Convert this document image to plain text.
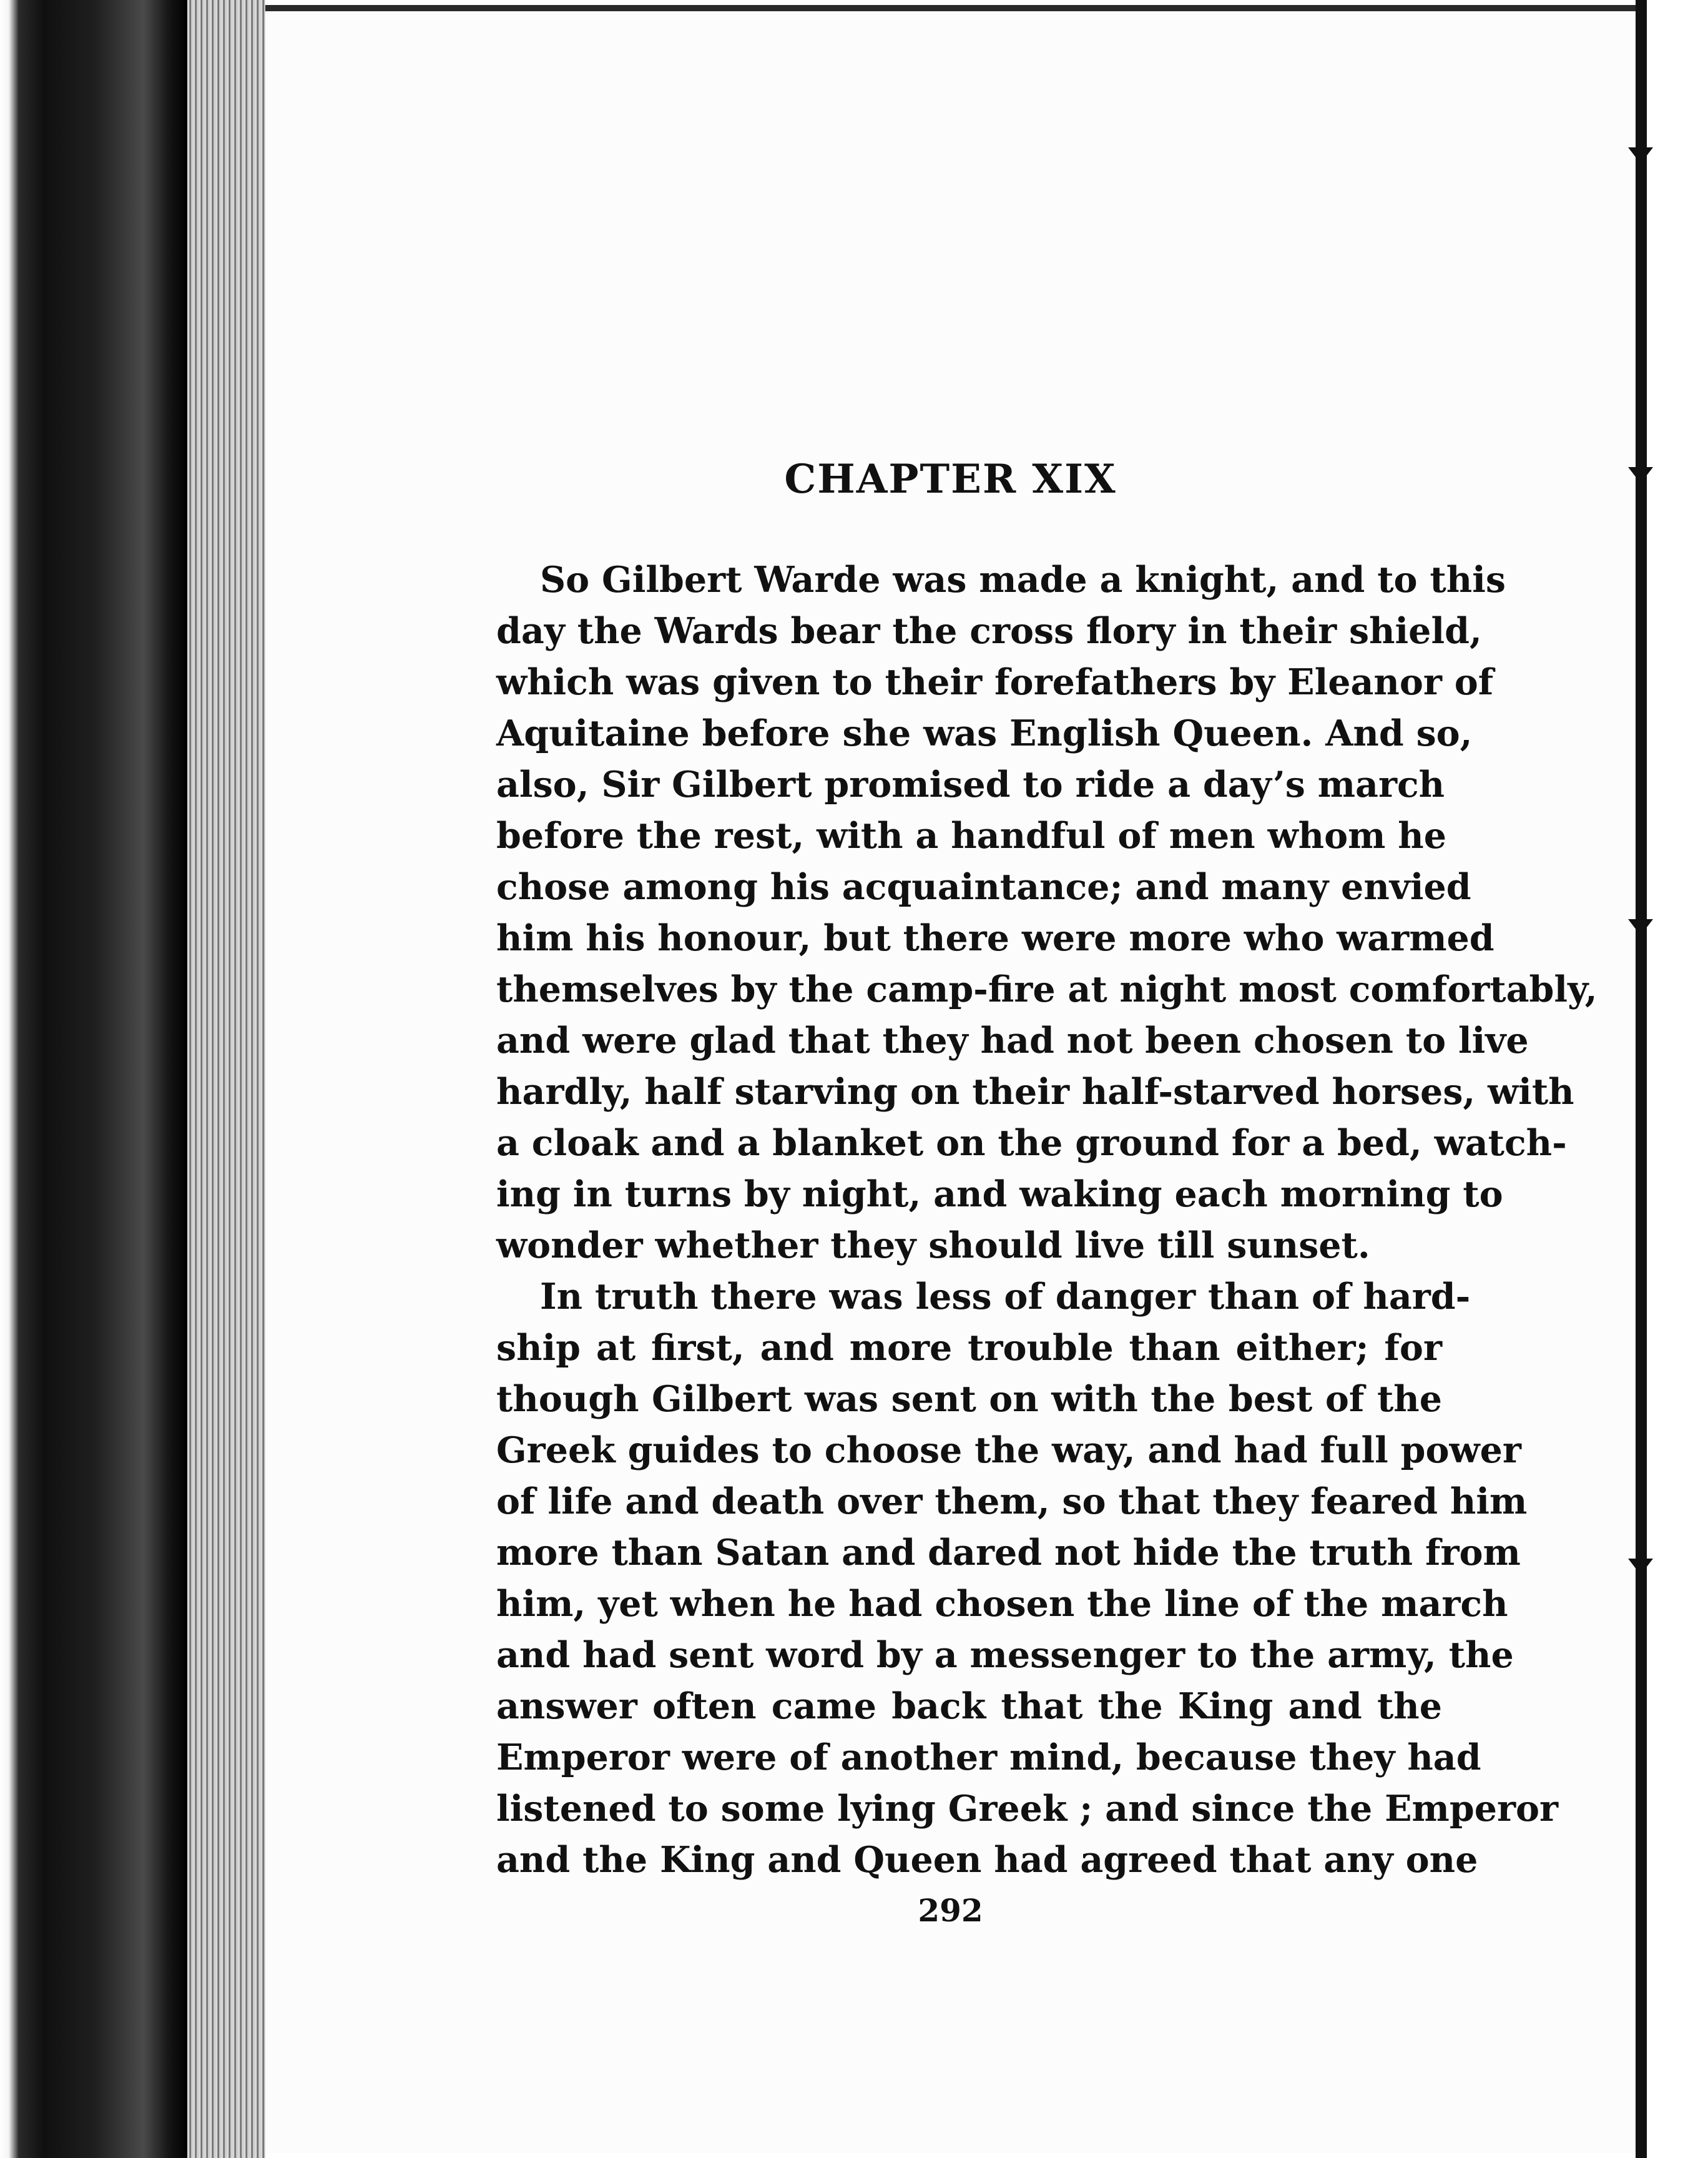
CHAPTER XIX

So Gilbert Warde was made a knight, and to this
day the Wards bear the cross flory in their shield,
which was given to their forefathers by Eleanor of
Aquitaine before she was English Queen. And so,
also, Sir Gilbert promised to ride a day’s march
before the rest, with a handful of men whom he
chose among his acquaintance; and many envied
him his honour, but there were more who warmed
themselves by the camp-fire at night most comfortably,
and were glad that they had not been chosen to live
hardly, half starving on their half-starved horses, with
a cloak and a blanket on the ground for a bed, watch-
ing in turns by night, and waking each morning to
wonder whether they should live till sunset.

In truth there was less of danger than of hard-
ship at first, and more trouble than either; for
though Gilbert was sent on with the best of the
Greek guides to choose the way, and had full power
of life and death over them, so that they feared him
more than Satan and dared not hide the truth from
him, yet when he had chosen the line of the march
and had sent word by a messenger to the army, the
answer often came back that the King and the
Emperor were of another mind, because they had
listened to some lying Greek ; and since the Emperor
and the King and Queen had agreed that any one

292
